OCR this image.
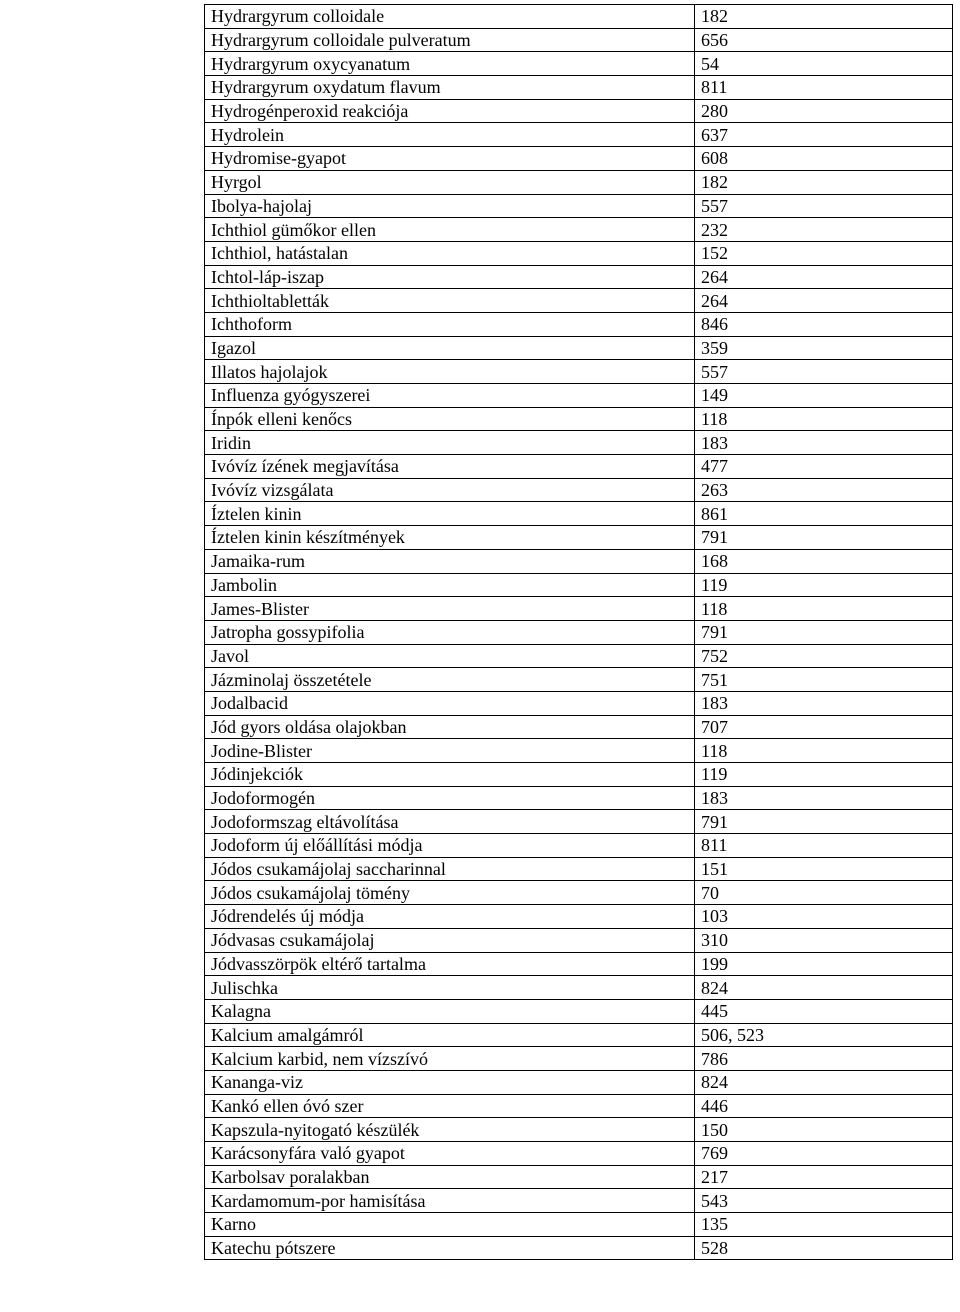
Hydrargyrum colloidale	182
Hydrargyrum colloidale pulveratum	656
Hydrargyrum oxycyanatum	54
Hydrargyrum oxydatum flavum	811
Hydrogénperoxid reakciója	280
Hydrolein	637
Hydromise-gyapot	608
Hyrgol	182
Ibolya-hajolaj	557
Ichthiol gümőkor ellen	232
Ichthiol, hatástalan	152
Ichtol-láp-iszap	264
Ichthioltabletták	264
Ichthoform	846
Igazol	359
Illatos hajolajok	557
Influenza gyógyszerei	149
Ínpók elleni kenőcs	118
Iridin	183
Ivóvíz ízének megjavítása	477
Ivóvíz vizsgálata	263
Íztelen kinin	861
Íztelen kinin készítmények	791
Jamaika-rum	168
Jambolin	119
James-Blister	118
Jatropha gossypifolia	791
Javol	752
Jázminolaj összetétele	751
Jodalbacid	183
Jód gyors oldása olajokban	707
Jodine-Blister	118
Jódinjekciók	119
Jodoformogén	183
Jodoformszag eltávolítása	791
Jodoform új előállítási módja	811
Jódos csukamájolaj saccharinnal	151
Jódos csukamájolaj tömény	70
Jódrendelés új módja	103
Jódvasas csukamájolaj	310
Jódvasszörpök eltérő tartalma	199
Julischka	824
Kalagna	445
Kalcium amalgámról	506, 523
Kalcium karbid, nem vízszívó	786
Kananga-viz	824
Kankó ellen óvó szer	446
Kapszula-nyitogató készülék	150
Karácsonyfára való gyapot	769
Karbolsav poralakban	217
Kardamomum-por hamisítása	543
Karno	135
Katechu pótszere	528
